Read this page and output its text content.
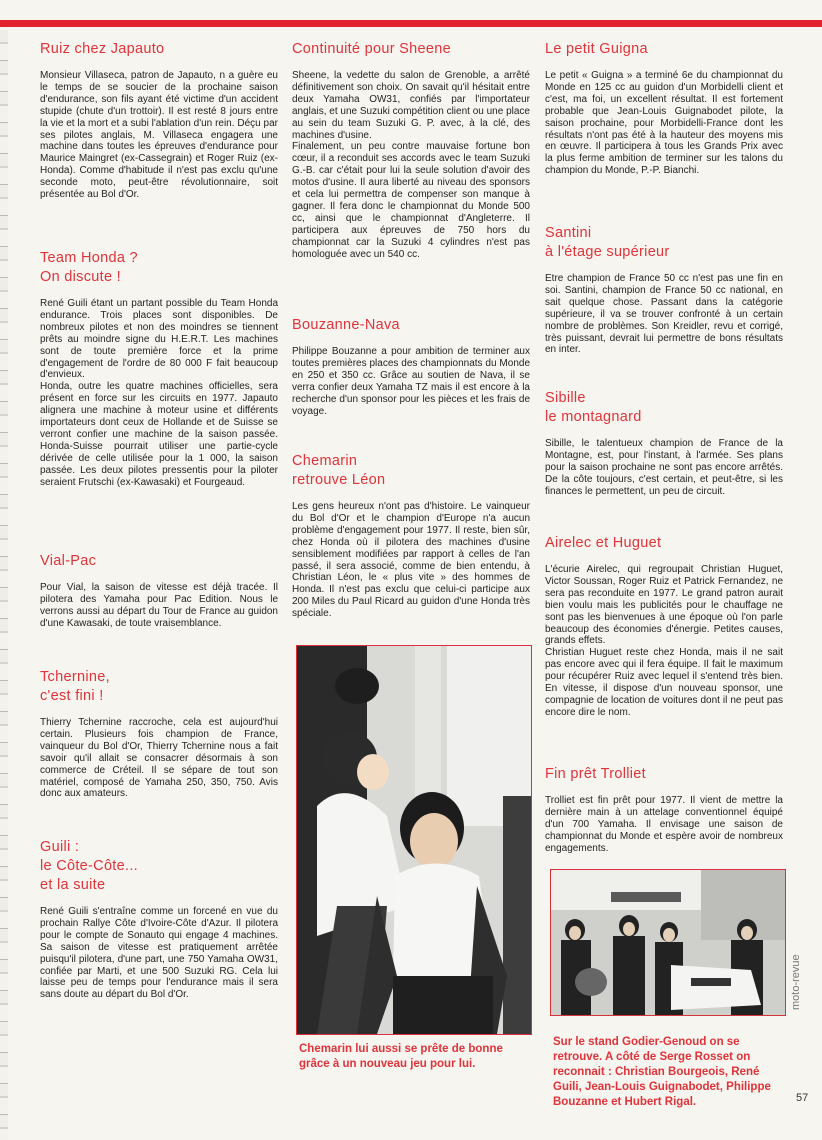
Ruiz chez Japauto

Monsieur Villaseca, patron de Japauto, n a guère eu le temps de se soucier de la prochaine saison d'endurance, son fils ayant été victime d'un accident stupide (chute d'un trottoir). Il est resté 8 jours entre la vie et la mort et a subi l'ablation d'un rein. Déçu par ses pilotes anglais, M. Villaseca engagera une machine dans toutes les épreuves d'endurance pour Maurice Maingret (ex-Cassegrain) et Roger Ruiz (ex-Honda). Comme d'habitude il n'est pas exclu qu'une seconde moto, peut-être révolutionnaire, soit présentée au Bol d'Or.

Team Honda ?
On discute !

René Guili étant un partant possible du Team Honda endurance. Trois places sont disponibles. De nombreux pilotes et non des moindres se tiennent prêts au moindre signe du H.E.R.T. Les machines sont de toute première force et la prime d'engagement de l'ordre de 80 000 F fait beaucoup d'envieux.
Honda, outre les quatre machines officielles, sera présent en force sur les circuits en 1977. Japauto alignera une machine à moteur usine et différents importateurs dont ceux de Hollande et de Suisse se verront confier une machine de la saison passée. Honda-Suisse pourrait utiliser une partie-cycle dérivée de celle utilisée pour la 1 000, la saison passée. Les deux pilotes pressentis pour la piloter seraient Frutschi (ex-Kawasaki) et Fourgeaud.

Vial-Pac

Pour Vial, la saison de vitesse est déjà tracée. Il pilotera des Yamaha pour Pac Edition. Nous le verrons aussi au départ du Tour de France au guidon d'une Kawasaki, de toute vraisemblance.

Tchernine,
c'est fini !

Thierry Tchernine raccroche, cela est aujourd'hui certain. Plusieurs fois champion de France, vainqueur du Bol d'Or, Thierry Tchernine nous a fait savoir qu'il allait se consacrer désormais à son commerce de Créteil. Il se sépare de tout son matériel, composé de Yamaha 250, 350, 750. Avis donc aux amateurs.

Guili :
le Côte-Côte...
et la suite

René Guili s'entraîne comme un forcené en vue du prochain Rallye Côte d'Ivoire-Côte d'Azur. Il pilotera pour le compte de Sonauto qui engage 4 machines. Sa saison de vitesse est pratiquement arrêtée puisqu'il pilotera, d'une part, une 750 Yamaha OW31, confiée par Marti, et une 500 Suzuki RG. Cela lui laisse peu de temps pour l'endurance mais il sera sans doute au départ du Bol d'Or.

Continuité pour Sheene

Sheene, la vedette du salon de Grenoble, a arrêté définitivement son choix. On savait qu'il hésitait entre deux Yamaha OW31, confiés par l'importateur anglais, et une Suzuki compétition client ou une place au sein du team Suzuki G. P. avec, à la clé, des machines d'usine.
Finalement, un peu contre mauvaise fortune bon cœur, il a reconduit ses accords avec le team Suzuki G.-B. car c'était pour lui la seule solution d'avoir des motos d'usine. Il aura liberté au niveau des sponsors et cela lui permettra de compenser son manque à gagner. Il fera donc le championnat du Monde 500 cc, ainsi que le championnat d'Angleterre. Il participera aux épreuves de 750 hors du championnat car la Suzuki 4 cylindres n'est pas homologuée avec un 540 cc.

Bouzanne-Nava

Philippe Bouzanne a pour ambition de terminer aux toutes premières places des championnats du Monde en 250 et 350 cc. Grâce au soutien de Nava, il se verra confier deux Yamaha TZ mais il est encore à la recherche d'un sponsor pour les pièces et les frais de voyage.

Chemarin
retrouve Léon

Les gens heureux n'ont pas d'histoire. Le vainqueur du Bol d'Or et le champion d'Europe n'a aucun problème d'engagement pour 1977. Il reste, bien sûr, chez Honda où il pilotera des machines d'usine sensiblement modifiées par rapport à celles de l'an passé, il sera associé, comme de bien entendu, à Christian Léon, le « plus vite » des hommes de Honda. Il n'est pas exclu que celui-ci participe aux 200 Miles du Paul Ricard au guidon d'une Honda très spéciale.

Chemarin lui aussi se prête de bonne grâce à un nouveau jeu pour lui.
Le petit Guigna

Le petit « Guigna » a terminé 6e du championnat du Monde en 125 cc au guidon d'un Morbidelli client et c'est, ma foi, un excellent résultat. Il est fortement probable que Jean-Louis Guignabodet pilote, la saison prochaine, pour Morbidelli-France dont les résultats n'ont pas été à la hauteur des moyens mis en œuvre. Il participera à tous les Grands Prix avec la plus ferme ambition de terminer sur les talons du champion du Monde, P.-P. Bianchi.

Santini
à l'étage supérieur

Etre champion de France 50 cc n'est pas une fin en soi. Santini, champion de France 50 cc national, en sait quelque chose. Passant dans la catégorie supérieure, il va se trouver confronté à un certain nombre de problèmes. Son Kreidler, revu et corrigé, très puissant, devrait lui permettre de bons résultats en inter.

Sibille
le montagnard

Sibille, le talentueux champion de France de la Montagne, est, pour l'instant, à l'armée. Ses plans pour la saison prochaine ne sont pas encore arrêtés. De la côte toujours, c'est certain, et peut-être, si les finances le permettent, un peu de circuit.

Airelec et Huguet

L'écurie Airelec, qui regroupait Christian Huguet, Victor Soussan, Roger Ruiz et Patrick Fernandez, ne sera pas reconduite en 1977. Le grand patron aurait bien voulu mais les publicités pour le chauffage ne sont pas les bienvenues à une époque où l'on parle beaucoup des économies d'énergie. Petites causes, grands effets.
Christian Huguet reste chez Honda, mais il ne sait pas encore avec qui il fera équipe. Il fait le maximum pour récupérer Ruiz avec lequel il s'entend très bien. En vitesse, il dispose d'un nouveau sponsor, une compagnie de location de voitures dont il ne peut pas encore dire le nom.

Fin prêt Trolliet

Trolliet est fin prêt pour 1977. Il vient de mettre la dernière main à un attelage conventionnel équipé d'un 700 Yamaha. Il envisage une saison de championnat du Monde et espère avoir de nombreux engagements.

Sur le stand Godier-Genoud on se retrouve. A côté de Serge Rosset on reconnait : Christian Bourgeois, René Guili, Jean-Louis Guignabodet, Philippe Bouzanne et Hubert Rigal.
moto-revue
57
